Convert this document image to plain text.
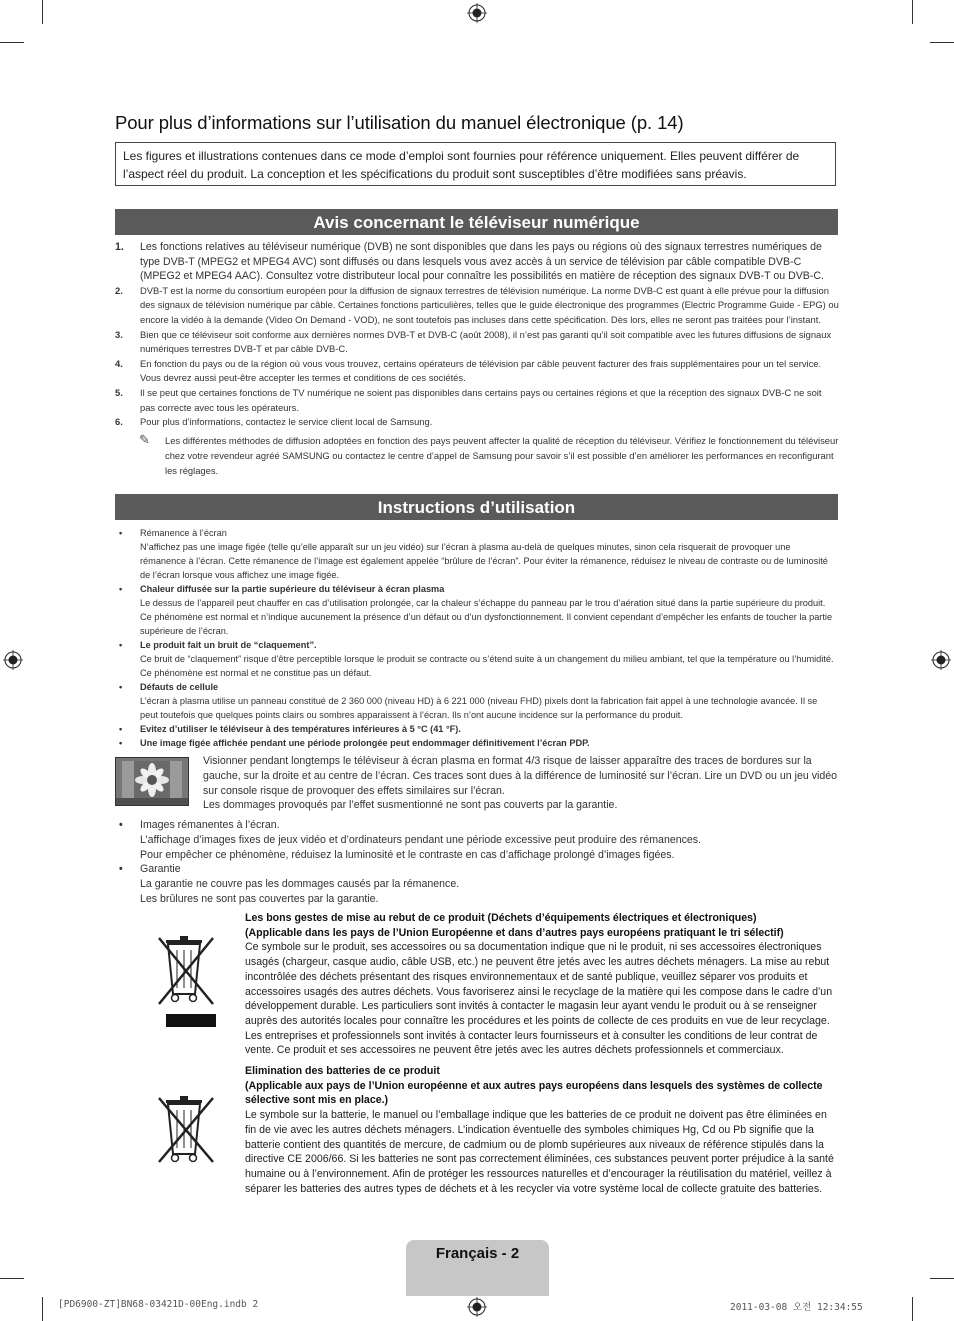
Pour plus d’informations sur l’utilisation du manuel électronique (p. 14)
Les figures et illustrations contenues dans ce mode d’emploi sont fournies pour référence uniquement. Elles peuvent différer de l’aspect réel du produit. La conception et les spécifications du produit sont susceptibles d’être modifiées sans préavis.
Avis concernant le téléviseur numérique
1. Les fonctions relatives au téléviseur numérique (DVB) ne sont disponibles que dans les pays ou régions où des signaux terrestres numériques de type DVB-T (MPEG2 et MPEG4 AVC) sont diffusés ou dans lesquels vous avez accès à un service de télévision par câble compatible DVB-C (MPEG2 et MPEG4 AAC). Consultez votre distributeur local pour connaître les possibilités en matière de réception des signaux DVB-T ou DVB-C.
2. DVB-T est la norme du consortium européen pour la diffusion de signaux terrestres de télévision numérique. La norme DVB-C est quant à elle prévue pour la diffusion des signaux de télévision numérique par câble. Certaines fonctions particulières, telles que le guide électronique des programmes (Electric Programme Guide - EPG) ou encore la vidéo à la demande (Video On Demand - VOD), ne sont toutefois pas incluses dans cette spécification. Dès lors, elles ne seront pas traitées pour l’instant.
3. Bien que ce téléviseur soit conforme aux dernières normes DVB-T et DVB-C (août 2008), il n’est pas garanti qu’il soit compatible avec les futures diffusions de signaux numériques terrestres DVB-T et par câble DVB-C.
4. En fonction du pays ou de la région où vous vous trouvez, certains opérateurs de télévision par câble peuvent facturer des frais supplémentaires pour un tel service. Vous devrez aussi peut-être accepter les termes et conditions de ces sociétés.
5. Il se peut que certaines fonctions de TV numérique ne soient pas disponibles dans certains pays ou certaines régions et que la réception des signaux DVB-C ne soit pas correcte avec tous les opérateurs.
6. Pour plus d’informations, contactez le service client local de Samsung.
✎ Les différentes méthodes de diffusion adoptées en fonction des pays peuvent affecter la qualité de réception du téléviseur. Vérifiez le fonctionnement du téléviseur chez votre revendeur agréé SAMSUNG ou contactez le centre d’appel de Samsung pour savoir s’il est possible d’en améliorer les performances en reconfigurant les réglages.
Instructions d’utilisation
• Rémanence à l’écran
N’affichez pas une image figée (telle qu’elle apparaît sur un jeu vidéo) sur l’écran à plasma au-delà de quelques minutes, sinon cela risquerait de provoquer une rémanence à l’écran. Cette rémanence de l’image est également appelée “brûlure de l’écran”. Pour éviter la rémanence, réduisez le niveau de contraste ou de luminosité de l’écran lorsque vous affichez une image figée.
• Chaleur diffusée sur la partie supérieure du téléviseur à écran plasma
Le dessus de l’appareil peut chauffer en cas d’utilisation prolongée, car la chaleur s’échappe du panneau par le trou d’aération situé dans la partie supérieure du produit. Ce phénomène est normal et n’indique aucunement la présence d’un défaut ou d’un dysfonctionnement. Il convient cependant d’empêcher les enfants de toucher la partie supérieure de l’écran.
• Le produit fait un bruit de “claquement”.
Ce bruit de “claquement” risque d’être perceptible lorsque le produit se contracte ou s’étend suite à un changement du milieu ambiant, tel que la température ou l’humidité. Ce phénomène est normal et ne constitue pas un défaut.
• Défauts de cellule
L’écran à plasma utilise un panneau constitué de 2 360 000 (niveau HD) à 6 221 000 (niveau FHD) pixels dont la fabrication fait appel à une technologie avancée. Il se peut toutefois que quelques points clairs ou sombres apparaissent à l’écran. Ils n’ont aucune incidence sur la performance du produit.
• Evitez d’utiliser le téléviseur à des températures inférieures à 5 °C (41 °F).
• Une image figée affichée pendant une période prolongée peut endommager définitivement l’écran PDP.
Visionner pendant longtemps le téléviseur à écran plasma en format 4/3 risque de laisser apparaître des traces de bordures sur la gauche, sur la droite et au centre de l’écran. Ces traces sont dues à la différence de luminosité sur l’écran. Lire un DVD ou un jeu vidéo sur console risque de provoquer des effets similaires sur l’écran.
Les dommages provoqués par l’effet susmentionné ne sont pas couverts par la garantie.
• Images rémanentes à l’écran.
L’affichage d’images fixes de jeux vidéo et d’ordinateurs pendant une période excessive peut produire des rémanences.
Pour empêcher ce phénomène, réduisez la luminosité et le contraste en cas d’affichage prolongé d’images figées.
• Garantie
La garantie ne couvre pas les dommages causés par la rémanence.
Les brûlures ne sont pas couvertes par la garantie.
Les bons gestes de mise au rebut de ce produit (Déchets d’équipements électriques et électroniques)
(Applicable dans les pays de l’Union Européenne et dans d’autres pays européens pratiquant le tri sélectif)
Ce symbole sur le produit, ses accessoires ou sa documentation indique que ni le produit, ni ses accessoires électroniques usagés (chargeur, casque audio, câble USB, etc.) ne peuvent être jetés avec les autres déchets ménagers. La mise au rebut incontrôlée des déchets présentant des risques environnementaux et de santé publique, veuillez séparer vos produits et accessoires usagés des autres déchets. Vous favoriserez ainsi le recyclage de la matière qui les compose dans le cadre d’un développement durable. Les particuliers sont invités à contacter le magasin leur ayant vendu le produit ou à se renseigner auprès des autorités locales pour connaître les procédures et les points de collecte de ces produits en vue de leur recyclage. Les entreprises et professionnels sont invités à contacter leurs fournisseurs et à consulter les conditions de leur contrat de vente. Ce produit et ses accessoires ne peuvent être jetés avec les autres déchets professionnels et commerciaux.
Elimination des batteries de ce produit
(Applicable aux pays de l’Union européenne et aux autres pays européens dans lesquels des systèmes de collecte sélective sont mis en place.)
Le symbole sur la batterie, le manuel ou l’emballage indique que les batteries de ce produit ne doivent pas être éliminées en fin de vie avec les autres déchets ménagers. L’indication éventuelle des symboles chimiques Hg, Cd ou Pb signifie que la batterie contient des quantités de mercure, de cadmium ou de plomb supérieures aux niveaux de référence stipulés dans la directive CE 2006/66. Si les batteries ne sont pas correctement éliminées, ces substances peuvent porter préjudice à la santé humaine ou à l’environnement. Afin de protéger les ressources naturelles et d’encourager la réutilisation du matériel, veillez à séparer les batteries des autres types de déchets et à les recycler via votre système local de collecte gratuite des batteries.
Français - 2
[PD6900-ZT]BN68-03421D-00Eng.indb 2	2011-03-08 오전 12:34:55
